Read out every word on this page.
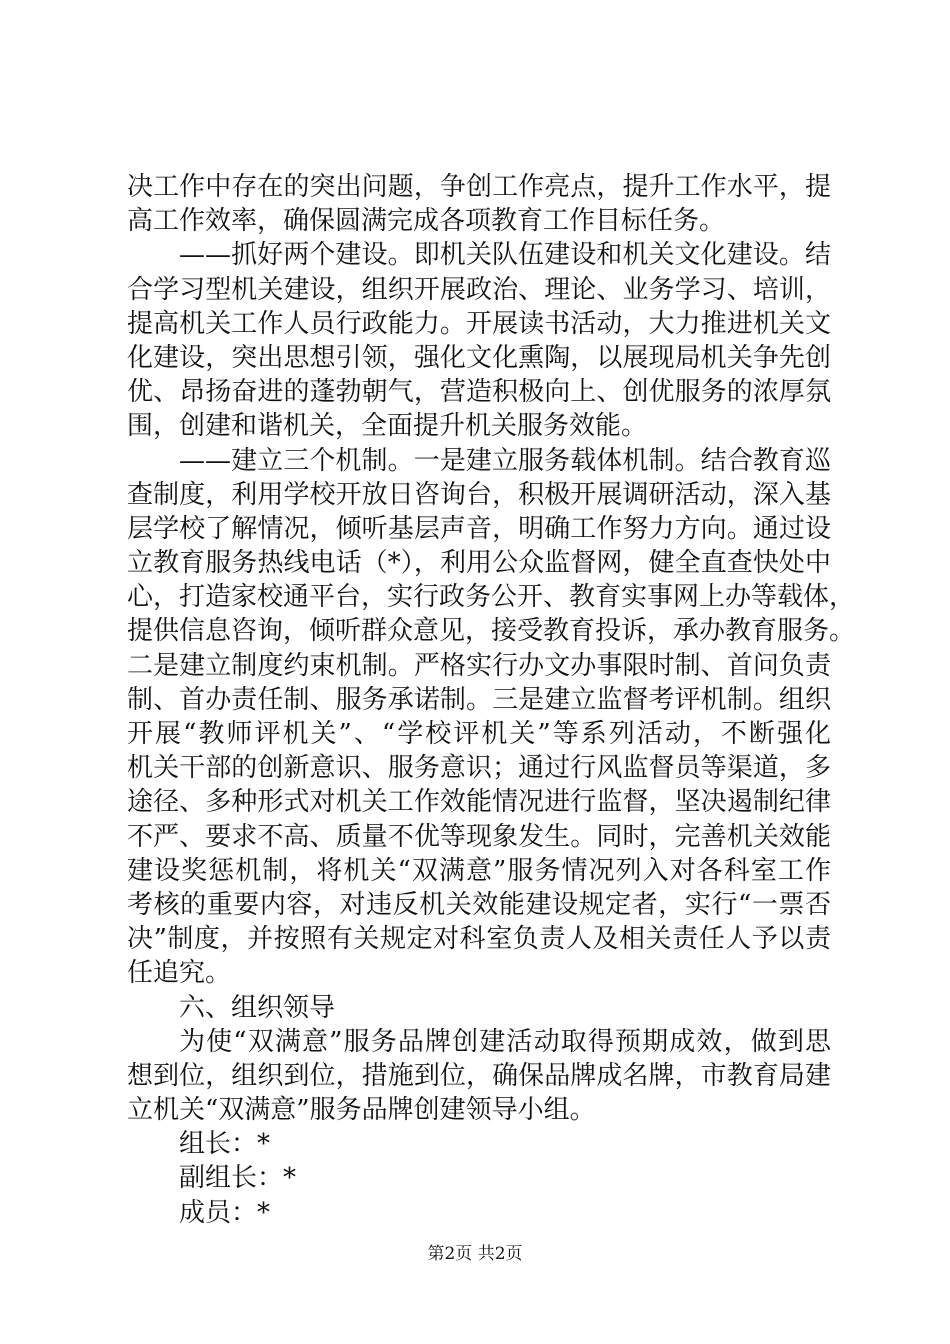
决工作中存在的突出问题，争创工作亮点，提升工作水平，提
高工作效率，确保圆满完成各项教育工作目标任务。
——抓好两个建设。即机关队伍建设和机关文化建设。结
合学习型机关建设，组织开展政治、理论、业务学习、培训，
提高机关工作人员行政能力。开展读书活动，大力推进机关文
化建设，突出思想引领，强化文化熏陶，以展现局机关争先创
优、昂扬奋进的蓬勃朝气，营造积极向上、创优服务的浓厚氛
围，创建和谐机关，全面提升机关服务效能。
——建立三个机制。一是建立服务载体机制。结合教育巡
查制度，利用学校开放日咨询台，积极开展调研活动，深入基
层学校了解情况，倾听基层声音，明确工作努力方向。通过设
立教育服务热线电话（*），利用公众监督网，健全直查快处中
心，打造家校通平台，实行政务公开、教育实事网上办等载体，
提供信息咨询，倾听群众意见，接受教育投诉，承办教育服务。
二是建立制度约束机制。严格实行办文办事限时制、首问负责
制、首办责任制、服务承诺制。三是建立监督考评机制。组织
开展“教师评机关”、“学校评机关”等系列活动，不断强化
机关干部的创新意识、服务意识；通过行风监督员等渠道，多
途径、多种形式对机关工作效能情况进行监督，坚决遏制纪律
不严、要求不高、质量不优等现象发生。同时，完善机关效能
建设奖惩机制，将机关“双满意”服务情况列入对各科室工作
考核的重要内容，对违反机关效能建设规定者，实行“一票否
决”制度，并按照有关规定对科室负责人及相关责任人予以责
任追究。
六、组织领导
为使“双满意”服务品牌创建活动取得预期成效，做到思
想到位，组织到位，措施到位，确保品牌成名牌，市教育局建
立机关“双满意”服务品牌创建领导小组。
组长：*
副组长：*
成员：*
第2页 共2页
